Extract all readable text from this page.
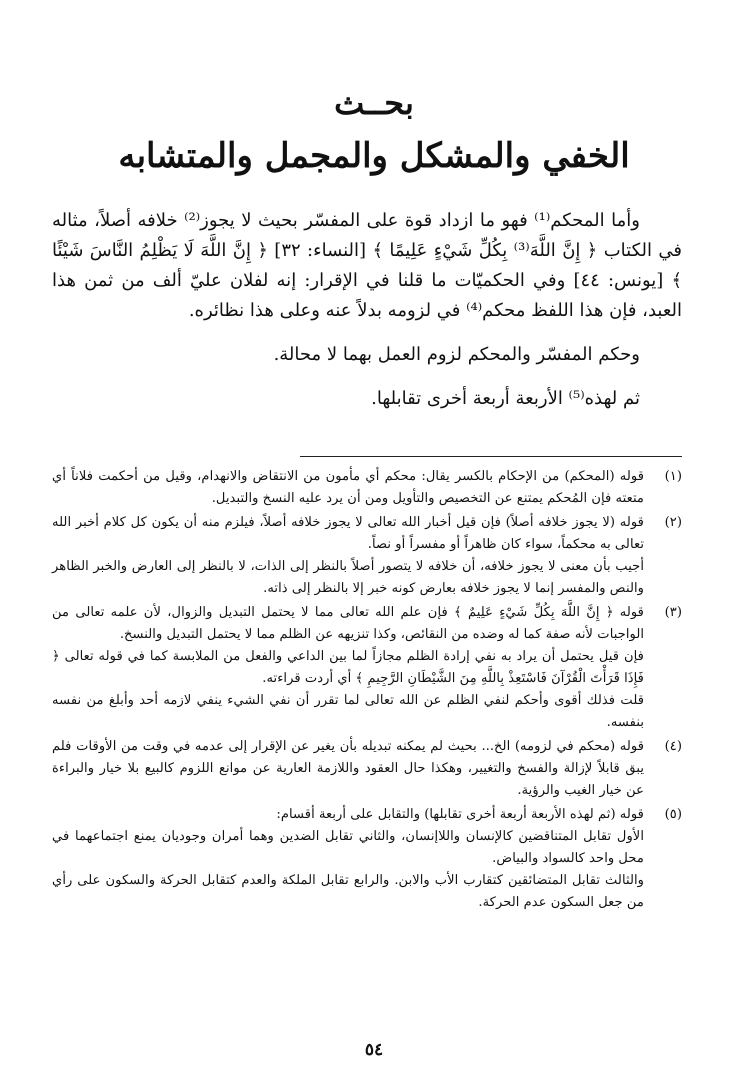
بحــث
الخفي والمشكل والمجمل والمتشابه

وأما المحكم⁽¹⁾ فهو ما ازداد قوة على المفسّر بحيث لا يجوز⁽²⁾ خلافه أصلاً، مثاله في الكتاب ﴿ إِنَّ اللَّهَ⁽³⁾ بِكُلِّ شَيْءٍ عَلِيمًا ﴾ [النساء: ٣٢] ﴿ إِنَّ اللَّهَ لَا يَظْلِمُ النَّاسَ شَيْئًا ﴾ [يونس: ٤٤] وفي الحكميّات ما قلنا في الإقرار: إنه لفلان عليّ ألف من ثمن هذا العبد، فإن هذا اللفظ محكم⁽⁴⁾ في لزومه بدلاً عنه وعلى هذا نظائره.

وحكم المفسّر والمحكم لزوم العمل بهما لا محالة.

ثم لهذه⁽⁵⁾ الأربعة أربعة أخرى تقابلها.

(١)

قوله (المحكم) من الإحكام بالكسر يقال: محكم أي مأمون من الانتقاض والانهدام، وقيل من أحكمت فلاناً أي متعته فإن المُحكم يمتنع عن التخصيص والتأويل ومن أن يرد عليه النسخ والتبديل.

(٢)

قوله (لا يجوز خلافه أصلاً) فإن قيل أخبار الله تعالى لا يجوز خلافه أصلاً، فيلزم منه أن يكون كل كلام أخبر الله تعالى به محكماً، سواء كان ظاهراً أو مفسراً أو نصاً.

أجيب بأن معنى لا يجوز خلافه، أن خلافه لا يتصور أصلاً بالنظر إلى الذات، لا بالنظر إلى العارض والخبر الظاهر والنص والمفسر إنما لا يجوز خلافه بعارض كونه خبر إلا بالنظر إلى ذاته.

(٣)

قوله ﴿ إِنَّ اللَّهَ بِكُلِّ شَيْءٍ عَلِيمٌ ﴾ فإن علم الله تعالى مما لا يحتمل التبديل والزوال، لأن علمه تعالى من الواجبات لأنه صفة كما له وضده من النقائص، وكذا تنزيهه عن الظلم مما لا يحتمل التبديل والنسخ.

فإن قيل يحتمل أن يراد به نفي إرادة الظلم مجازاً لما بين الداعي والفعل من الملابسة كما في قوله تعالى ﴿ فَإِذَا قَرَأْتَ الْقُرْآنَ فَاسْتَعِذْ بِاللَّهِ مِنَ الشَّيْطَانِ الرَّجِيمِ ﴾ أي أردت قراءته.

قلت فذلك أقوى وأحكم لنفي الظلم عن الله تعالى لما تقرر أن نفي الشيء ينفي لازمه أحد وأبلغ من نفسه بنفسه.

(٤)

قوله (محكم في لزومه) الخ... بحيث لم يمكنه تبديله بأن يغير عن الإقرار إلى عدمه في وقت من الأوقات فلم يبق قابلاً لإزالة والفسخ والتغيير، وهكذا حال العقود واللازمة العارية عن موانع اللزوم كالبيع بلا خيار والبراءة عن خيار الغيب والرؤية.

(٥)

قوله (ثم لهذه الأربعة أربعة أخرى تقابلها) والتقابل على أربعة أقسام:

الأول تقابل المتناقضين كالإنسان واللاإنسان، والثاني تقابل الضدين وهما أمران وجوديان يمنع اجتماعهما في محل واحد كالسواد والبياض.

والثالث تقابل المتضائقين كتقارب الأب والابن. والرابع تقابل الملكة والعدم كتقابل الحركة والسكون على رأي من جعل السكون عدم الحركة.

٥٤
